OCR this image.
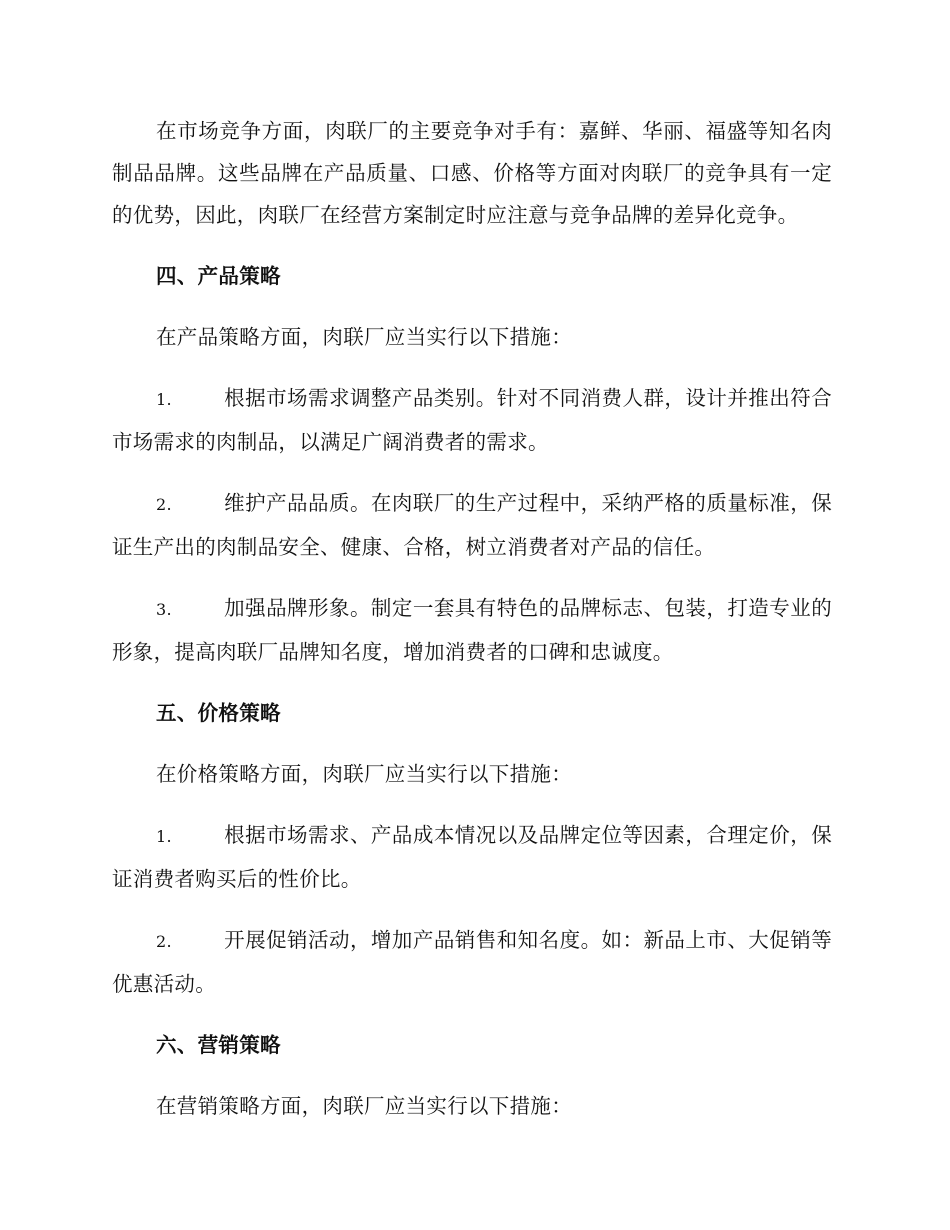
在市场竞争方面，肉联厂的主要竞争对手有：嘉鲜、华丽、福盛等知名肉制品品牌。这些品牌在产品质量、口感、价格等方面对肉联厂的竞争具有一定的优势，因此，肉联厂在经营方案制定时应注意与竞争品牌的差异化竞争。

四、产品策略

在产品策略方面，肉联厂应当实行以下措施：

1.	根据市场需求调整产品类别。针对不同消费人群，设计并推出符合市场需求的肉制品，以满足广阔消费者的需求。

2.	维护产品品质。在肉联厂的生产过程中，采纳严格的质量标准，保证生产出的肉制品安全、健康、合格，树立消费者对产品的信任。

3.	加强品牌形象。制定一套具有特色的品牌标志、包装，打造专业的形象，提高肉联厂品牌知名度，增加消费者的口碑和忠诚度。

五、价格策略

在价格策略方面，肉联厂应当实行以下措施：

1.	根据市场需求、产品成本情况以及品牌定位等因素，合理定价，保证消费者购买后的性价比。

2.	开展促销活动，增加产品销售和知名度。如：新品上市、大促销等优惠活动。

六、营销策略

在营销策略方面，肉联厂应当实行以下措施：
